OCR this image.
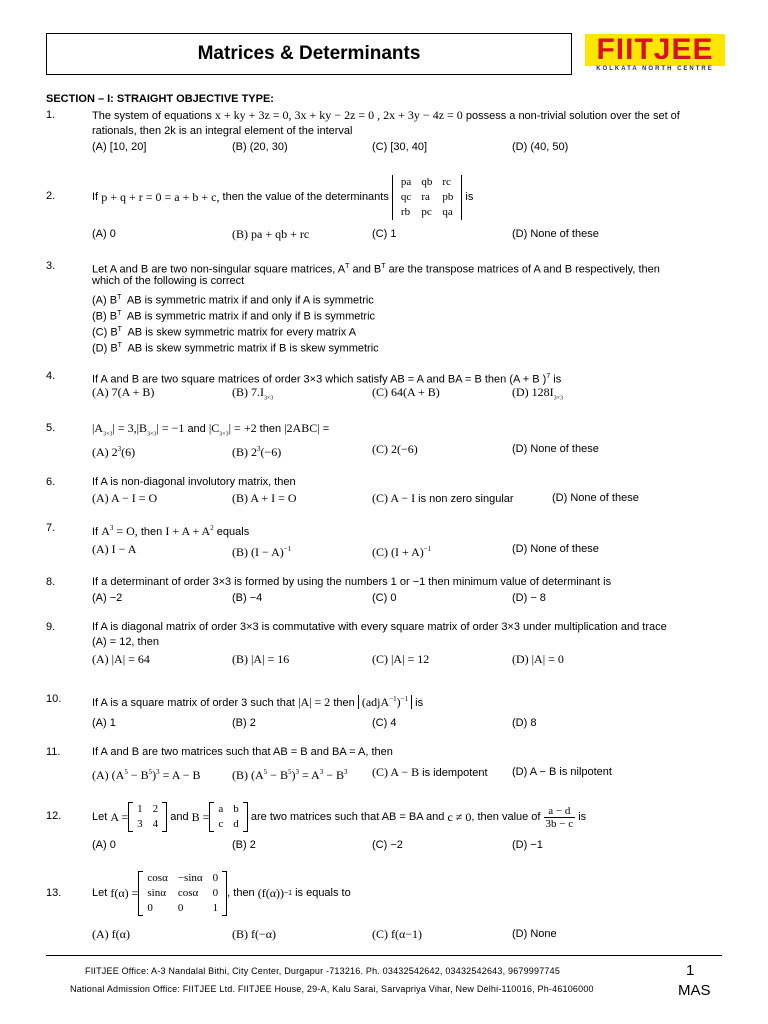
Matrices & Determinants	FIITJEE
KOLKATA NORTH CENTRE
SECTION – I: STRAIGHT OBJECTIVE TYPE:
1.	The system of equations x + ky + 3z = 0, 3x + ky − 2z = 0 , 2x + 3y − 4z = 0 possess a non-trivial solution over the set of
rationals, then 2k is an integral element of the interval
(A) [10, 20]	(B) (20, 30)	(C) [30, 40]	(D) (40, 50)
2.	If
p + q + r = 0 = a + b + c,
then the value of the determinants

pa	qb	rc
qc	ra	pb
rb	pc	qa

is
(A) 0	(B) pa + qb + rc	(C) 1	(D) None of these
3.	Let A and B are two non-singular square matrices, $A^T$ and $B^T$ are the transpose matrices of A and B respectively, then
which of the following is correct
(A) $B^T$ AB is symmetric matrix if and only if A is symmetric
(B) $B^T$ AB is symmetric matrix if and only if B is symmetric
(C) $B^T$ AB is skew symmetric matrix for every matrix A
(D) $B^T$ AB is skew symmetric matrix if B is skew symmetric
4.	If A and B are two square matrices of order 3×3 which satisfy AB = A and BA = B then (A + B )$^7$ is
(A) 7(A + B)	(B) $7.I_{3\times 3}$	(C) 64(A + B)	(D) $128I_{3\times 3}$
5.	$|A_{3\times 3}| = 3,|B_{3\times 3}| = -1$ and $|C_{3\times 3}| = +2$ then |2ABC| =
(A) $2^3(6)$	(B) $2^3(-6)$	(C) 2(−6)	(D) None of these
6.	If A is non-diagonal involutory matrix, then
(A) A − I = O	(B) A + I = O	(C) A − I is non zero singular	(D) None of these
7.	If $A^3 = O$, then $I + A + A^2$ equals
(A) I − A	(B) $(I - A)^{-1}$	(C) $(I + A)^{-1}$	(D) None of these
8.	If a determinant of order 3×3 is formed by using the numbers 1 or −1 then minimum value of determinant is
(A) −2	(B) −4	(C) 0	(D) − 8
9.	If A is diagonal matrix of order 3×3 is commutative with every square matrix of order 3×3 under multiplication and trace
(A) = 12, then
(A) |A| = 64	(B) |A| = 16	(C) |A| = 12	(D) |A| = 0
10.	If A is a square matrix of order 3 such that |A| = 2 then (adjA$^{-1}$)$^{-1}$ is
(A) 1	(B) 2	(C) 4	(D) 8
11.	If A and B are two matrices such that AB = B and BA = A, then
(A) $(A^5 - B^5)^3 = A - B$	(B) $(A^5 - B^5)^3 = A^3 - B^3$ (C) A − B is idempotent (D) A − B is nilpotent
12.	Let
A =
1	2
3	4

and
B =
a	b
c	d

are two matrices such that AB = BA and
c ≠ 0 , then value of
$\frac{a - d}{3b - c}$
is
(A) 0	(B) 2	(C) −2	(D) −1
13.	Let
f(α) =
cosα	−sinα	0
sinα	cosα	0
0	0	1
, then
(f(α)) −1
is equals to
(A) f(α)	(B) f(−α)	(C) f(α−1)	(D) None
FIITJEE Office: A-3 Nandalal Bithi, City Center, Durgapur -713216. Ph. 03432542642, 03432542643, 9679997745
National Admission Office: FIITJEE Ltd. FIITJEE House, 29-A, Kalu Sarai, Sarvapriya Vihar, New Delhi-110016, Ph-46106000
1
MAS
